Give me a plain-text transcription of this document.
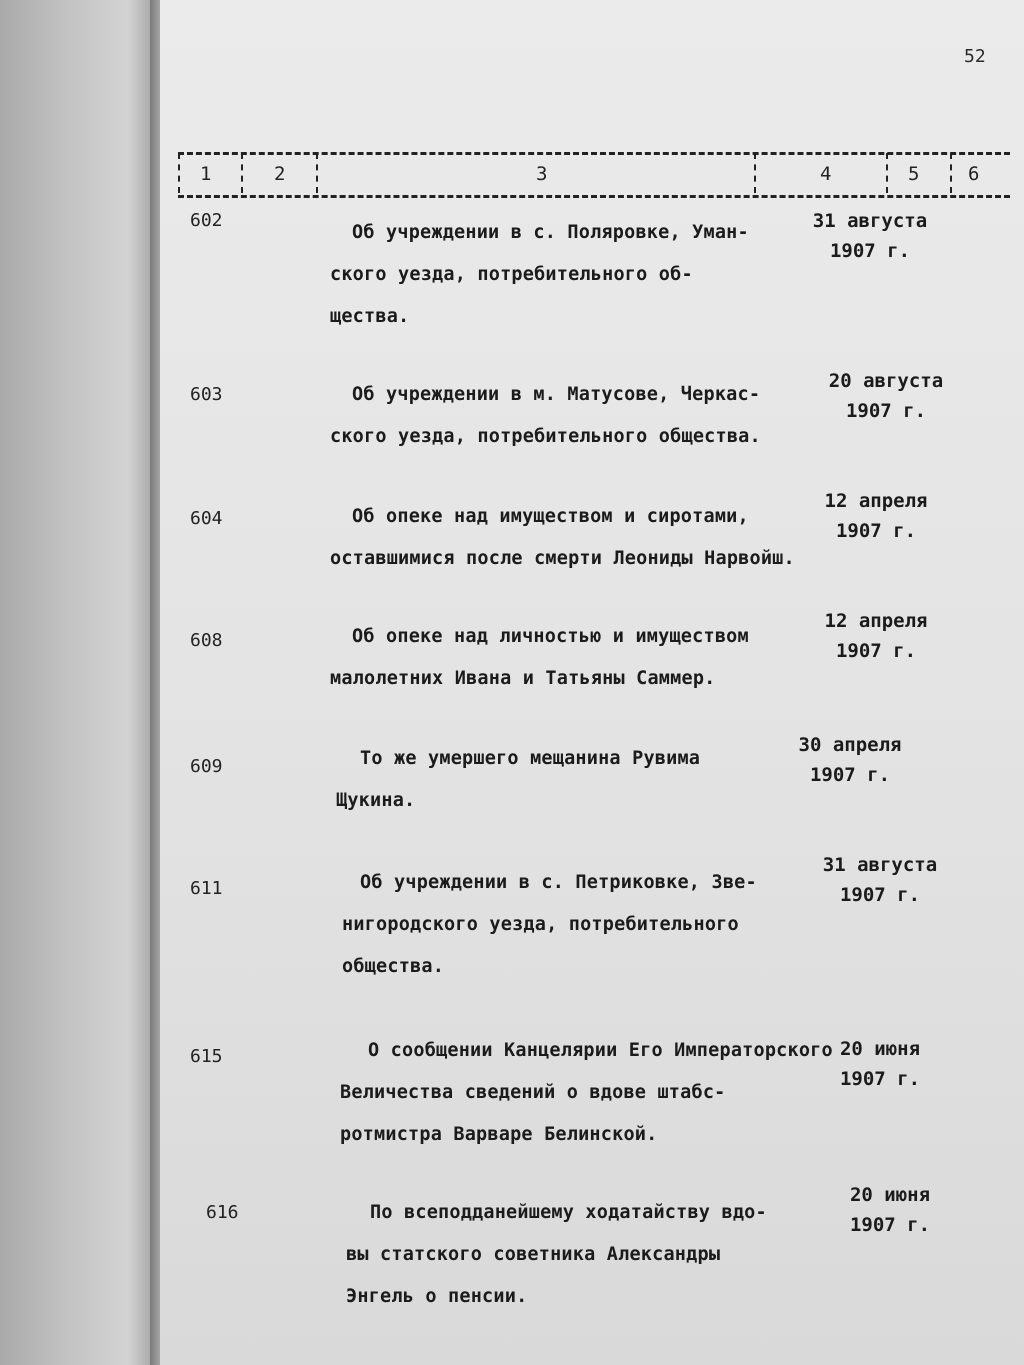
52
1	2	3	4	5	6
602
Об учреждении в с. Поляровке, Уман-
ского уезда, потребительного об-
щества.
31 августа
1907 г.
603	Об учреждении в м. Матусове, Черкас-
ского уезда, потребительного общества.
20 августа
1907 г.
604	Об опеке над имуществом и сиротами,
оставшимися после смерти Леониды Нарвойш.
12 апреля
1907 г.
608	Об опеке над личностью и имуществом
малолетних Ивана и Татьяны Саммер.
12 апреля
1907 г.
609	То же умершего мещанина Рувима
Щукина.
30 апреля
1907 г.
611	Об учреждении в с. Петриковке, Зве-
нигородского уезда, потребительного
общества.
31 августа
1907 г.
615	О сообщении Канцелярии Его Императорского
Величества сведений о вдове штабс-
ротмистра Варваре Белинской.
20 июня
1907 г.
616	По всеподданейшему ходатайству вдо-
вы статского советника Александры
Энгель о пенсии.
20 июня
1907 г.
